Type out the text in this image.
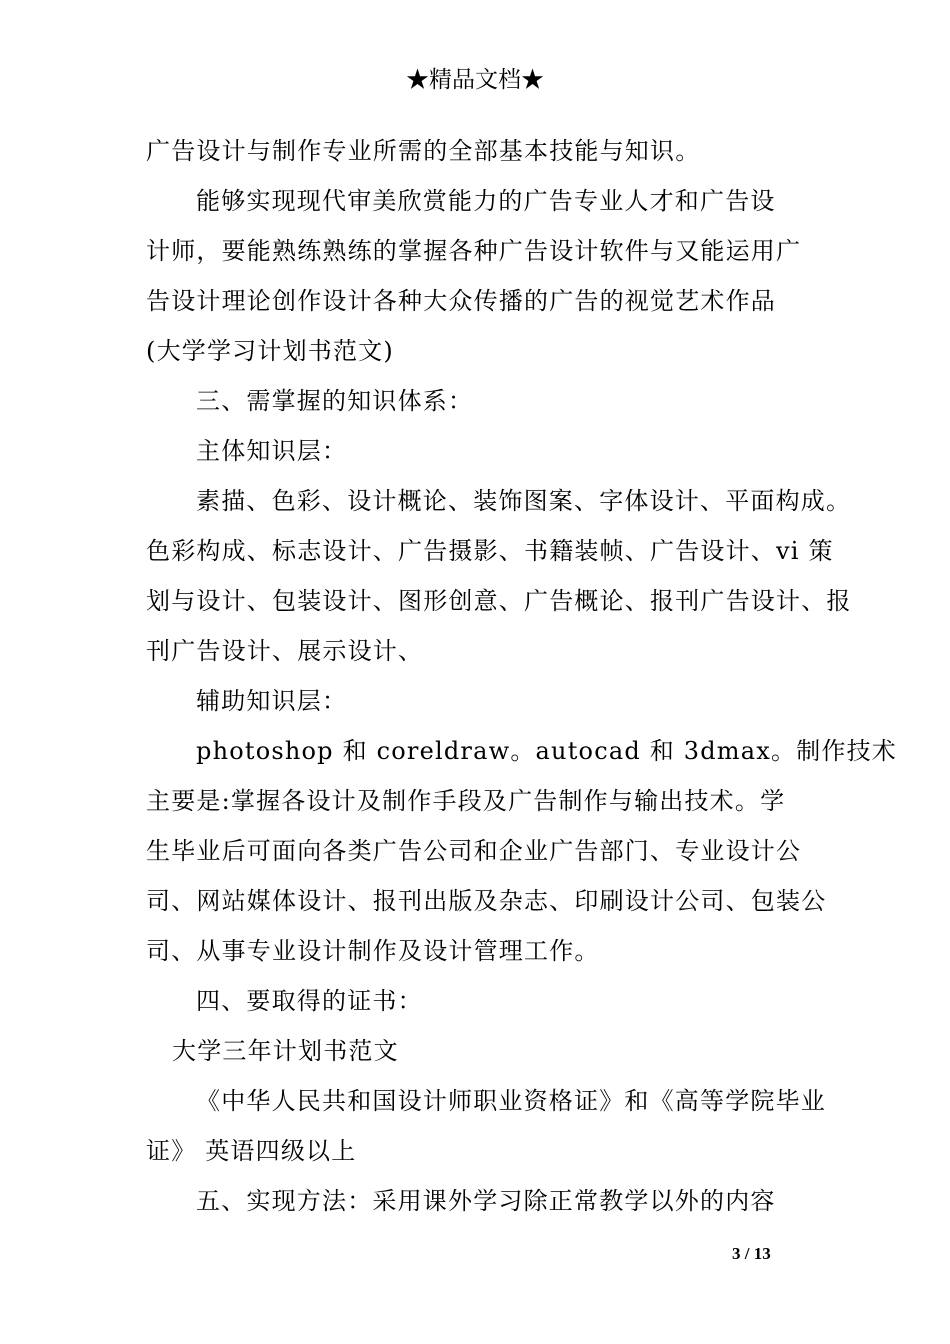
★精品文档★
广告设计与制作专业所需的全部基本技能与知识。
能够实现现代审美欣赏能力的广告专业人才和广告设
计师，要能熟练熟练的掌握各种广告设计软件与又能运用广
告设计理论创作设计各种大众传播的广告的视觉艺术作品
(大学学习计划书范文)
三、需掌握的知识体系：
主体知识层：
素描、色彩、设计概论、装饰图案、字体设计、平面构成。
色彩构成、标志设计、广告摄影、书籍装帧、广告设计、vi 策
划与设计、包装设计、图形创意、广告概论、报刊广告设计、报
刊广告设计、展示设计、
辅助知识层：
photoshop 和 coreldraw。autocad 和 3dmax。制作技术
主要是:掌握各设计及制作手段及广告制作与输出技术。学
生毕业后可面向各类广告公司和企业广告部门、专业设计公
司、网站媒体设计、报刊出版及杂志、印刷设计公司、包装公
司、从事专业设计制作及设计管理工作。
四、要取得的证书：
大学三年计划书范文
《中华人民共和国设计师职业资格证》和《高等学院毕业
证》 英语四级以上
五、实现方法：采用课外学习除正常教学以外的内容
3 / 13
